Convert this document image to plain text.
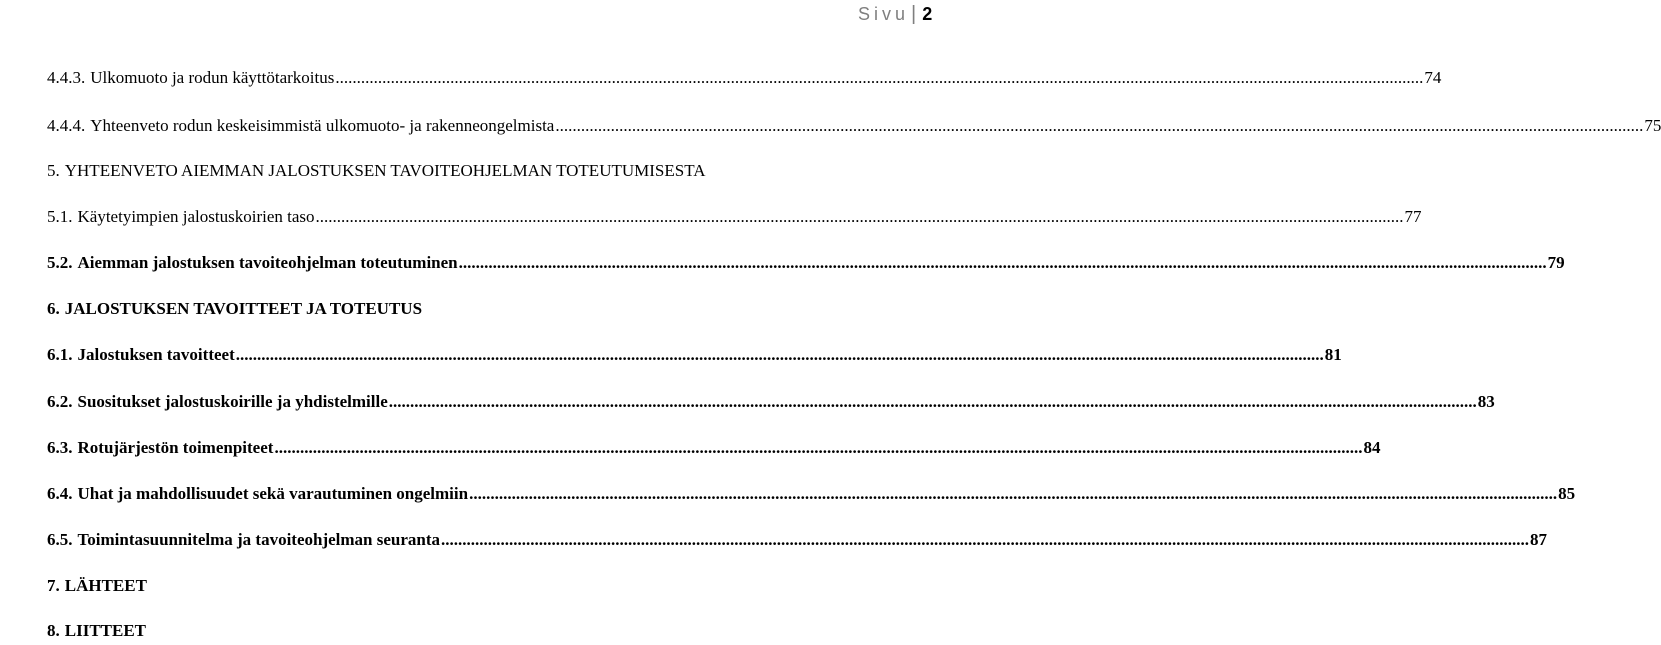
Sivu | 2
4.4.3. Ulkomuoto ja rodun käyttötarkoitus .....	74
4.4.4. Yhteenveto rodun keskeisimmistä ulkomuoto- ja rakenneongelmista .....	75
5. YHTEENVETO AIEMMAN JALOSTUKSEN TAVOITEOHJELMAN TOTEUTUMISESTA
5.1. Käytetyimpien jalostuskoirien taso .....	77
5.2. Aiemman jalostuksen tavoiteohjelman toteutuminen .....	79
6. JALOSTUKSEN TAVOITTEET JA TOTEUTUS
6.1. Jalostuksen tavoitteet .....	81
6.2. Suositukset jalostuskoirille ja yhdistelmille .....	83
6.3. Rotujärjestön toimenpiteet .....	84
6.4. Uhat ja mahdollisuudet sekä varautuminen ongelmiin .....	85
6.5. Toimintasuunnitelma ja tavoiteohjelman seuranta .....	87
7. LÄHTEET
8. LIITTEET
